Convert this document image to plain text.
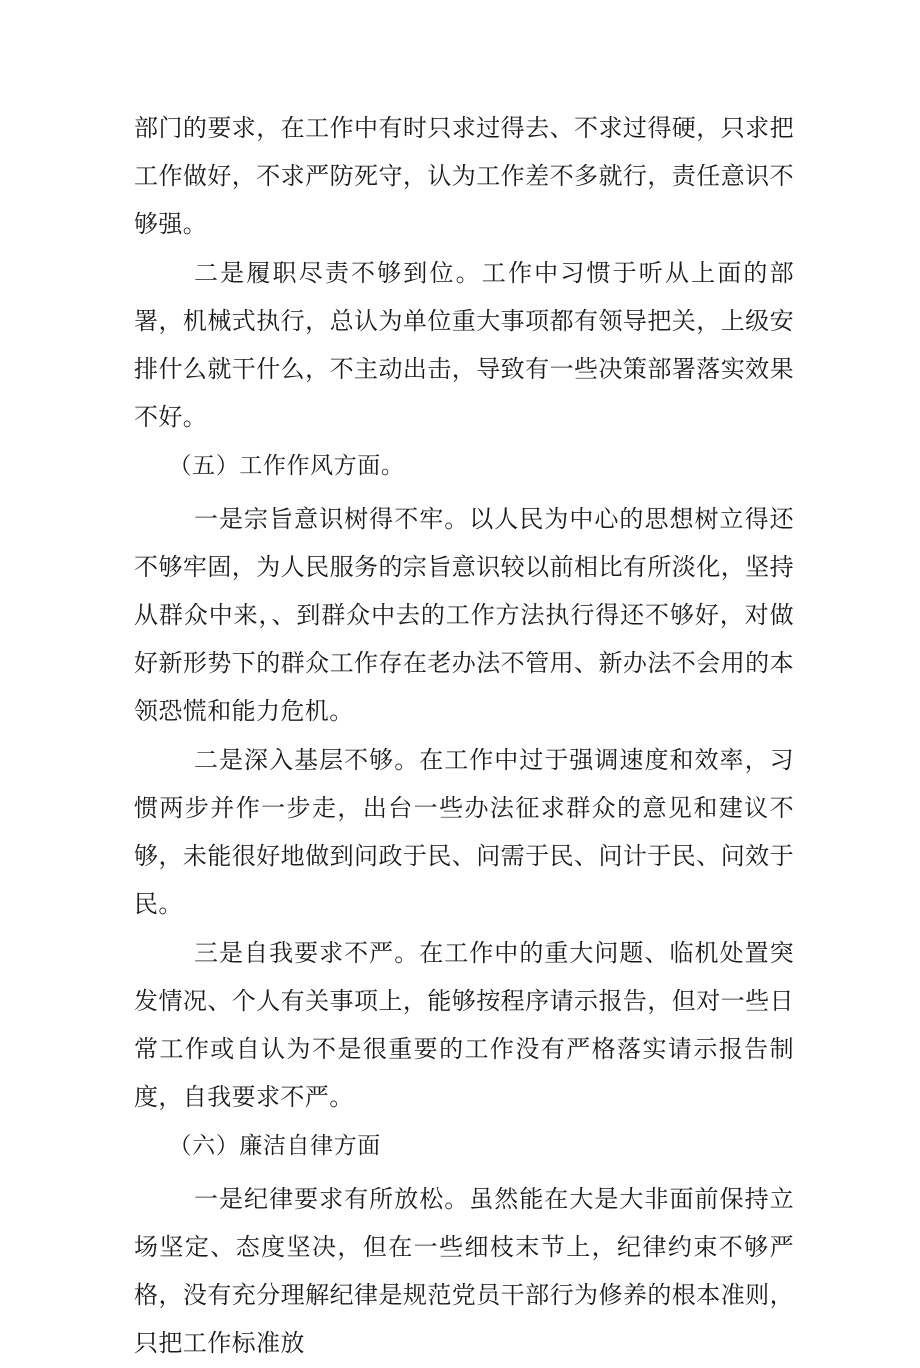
部门的要求，在工作中有时只求过得去、不求过得硬，只求把工作做好，不求严防死守，认为工作差不多就行，责任意识不够强。

二是履职尽责不够到位。工作中习惯于听从上面的部署，机械式执行，总认为单位重大事项都有领导把关，上级安排什么就干什么，不主动出击，导致有一些决策部署落实效果不好。

（五）工作作风方面。

一是宗旨意识树得不牢。以人民为中心的思想树立得还不够牢固，为人民服务的宗旨意识较以前相比有所淡化，坚持从群众中来，、到群众中去的工作方法执行得还不够好，对做好新形势下的群众工作存在老办法不管用、新办法不会用的本领恐慌和能力危机。

二是深入基层不够。在工作中过于强调速度和效率，习惯两步并作一步走，出台一些办法征求群众的意见和建议不够，未能很好地做到问政于民、问需于民、问计于民、问效于民。

三是自我要求不严。在工作中的重大问题、临机处置突发情况、个人有关事项上，能够按程序请示报告，但对一些日常工作或自认为不是很重要的工作没有严格落实请示报告制度，自我要求不严。

（六）廉洁自律方面

一是纪律要求有所放松。虽然能在大是大非面前保持立场坚定、态度坚决，但在一些细枝末节上，纪律约束不够严格，没有充分理解纪律是规范党员干部行为修养的根本准则，只把工作标准放
